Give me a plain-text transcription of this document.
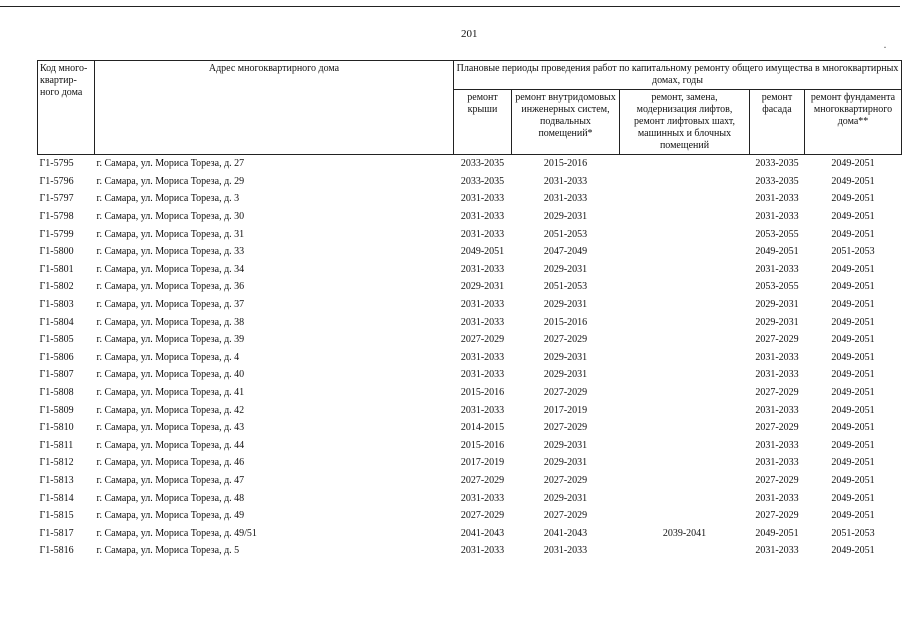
201
·
Код много-квартир-ного дома	Адрес многоквартирного дома	Плановые периоды проведения работ по капитальному ремонту общего имущества в многоквартирных домах, годы				
		ремонт крыши	ремонт внутридомовых инженерных систем, подвальных помещений*	ремонт, замена, модернизация лифтов, ремонт лифтовых шахт, машинных и блочных помещений	ремонт фасада	ремонт фундамента многоквартирного дома**
Г1-5795	г. Самара, ул. Мориса Тореза, д. 27	2033-2035	2015-2016		2033-2035	2049-2051
Г1-5796	г. Самара, ул. Мориса Тореза, д. 29	2033-2035	2031-2033		2033-2035	2049-2051
Г1-5797	г. Самара, ул. Мориса Тореза, д. 3	2031-2033	2031-2033		2031-2033	2049-2051
Г1-5798	г. Самара, ул. Мориса Тореза, д. 30	2031-2033	2029-2031		2031-2033	2049-2051
Г1-5799	г. Самара, ул. Мориса Тореза, д. 31	2031-2033	2051-2053		2053-2055	2049-2051
Г1-5800	г. Самара, ул. Мориса Тореза, д. 33	2049-2051	2047-2049		2049-2051	2051-2053
Г1-5801	г. Самара, ул. Мориса Тореза, д. 34	2031-2033	2029-2031		2031-2033	2049-2051
Г1-5802	г. Самара, ул. Мориса Тореза, д. 36	2029-2031	2051-2053		2053-2055	2049-2051
Г1-5803	г. Самара, ул. Мориса Тореза, д. 37	2031-2033	2029-2031		2029-2031	2049-2051
Г1-5804	г. Самара, ул. Мориса Тореза, д. 38	2031-2033	2015-2016		2029-2031	2049-2051
Г1-5805	г. Самара, ул. Мориса Тореза, д. 39	2027-2029	2027-2029		2027-2029	2049-2051
Г1-5806	г. Самара, ул. Мориса Тореза, д. 4	2031-2033	2029-2031		2031-2033	2049-2051
Г1-5807	г. Самара, ул. Мориса Тореза, д. 40	2031-2033	2029-2031		2031-2033	2049-2051
Г1-5808	г. Самара, ул. Мориса Тореза, д. 41	2015-2016	2027-2029		2027-2029	2049-2051
Г1-5809	г. Самара, ул. Мориса Тореза, д. 42	2031-2033	2017-2019		2031-2033	2049-2051
Г1-5810	г. Самара, ул. Мориса Тореза, д. 43	2014-2015	2027-2029		2027-2029	2049-2051
Г1-5811	г. Самара, ул. Мориса Тореза, д. 44	2015-2016	2029-2031		2031-2033	2049-2051
Г1-5812	г. Самара, ул. Мориса Тореза, д. 46	2017-2019	2029-2031		2031-2033	2049-2051
Г1-5813	г. Самара, ул. Мориса Тореза, д. 47	2027-2029	2027-2029		2027-2029	2049-2051
Г1-5814	г. Самара, ул. Мориса Тореза, д. 48	2031-2033	2029-2031		2031-2033	2049-2051
Г1-5815	г. Самара, ул. Мориса Тореза, д. 49	2027-2029	2027-2029		2027-2029	2049-2051
Г1-5817	г. Самара, ул. Мориса Тореза, д. 49/51	2041-2043	2041-2043	2039-2041	2049-2051	2051-2053
Г1-5816	г. Самара, ул. Мориса Тореза, д. 5	2031-2033	2031-2033		2031-2033	2049-2051
